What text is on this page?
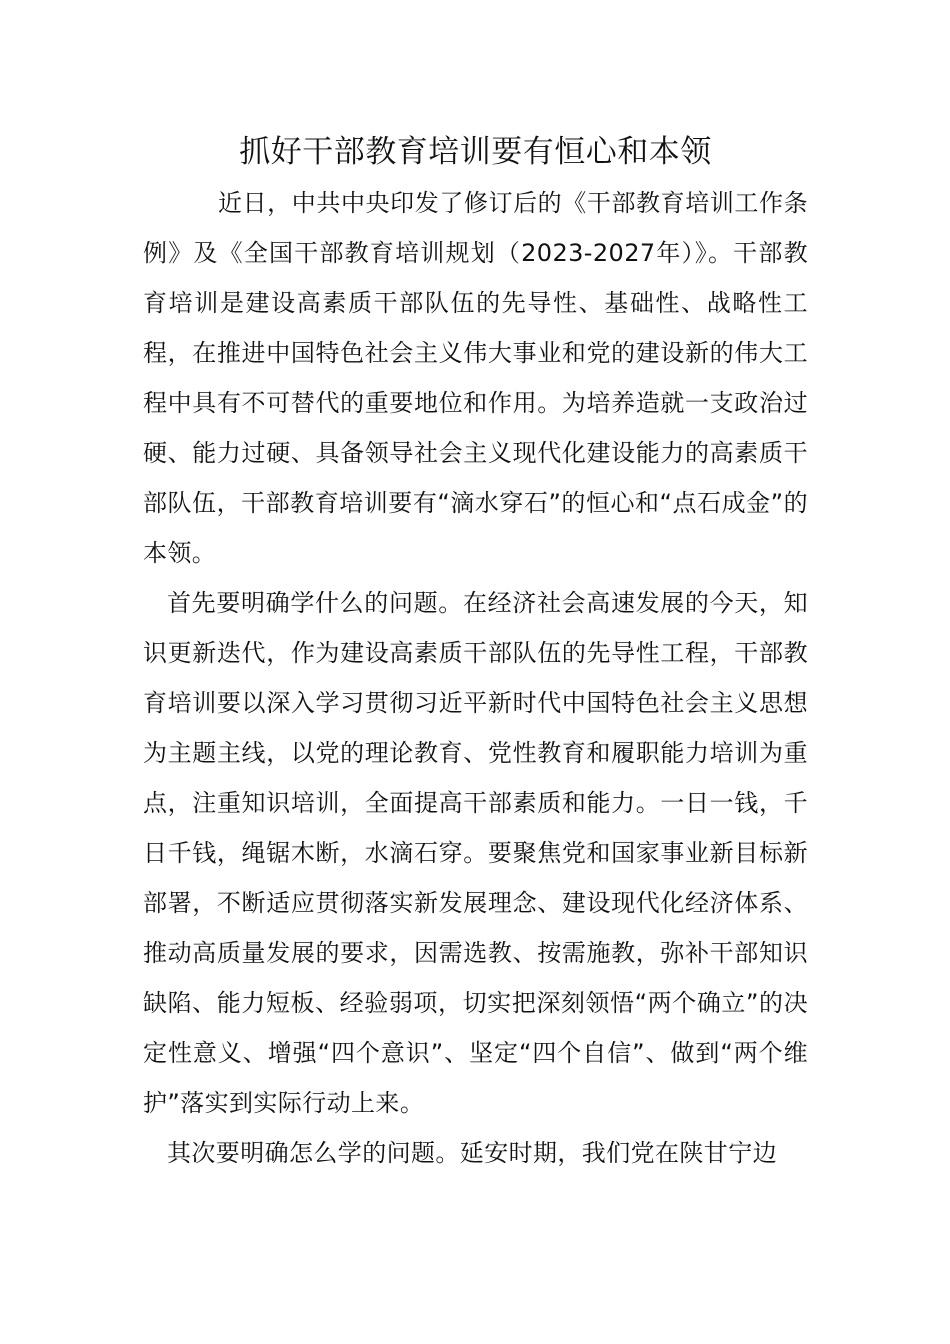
抓好干部教育培训要有恒心和本领

近日，中共中央印发了修订后的《干部教育培训工作条例》及《全国干部教育培训规划（2023-2027年）》。干部教育培训是建设高素质干部队伍的先导性、基础性、战略性工程，在推进中国特色社会主义伟大事业和党的建设新的伟大工程中具有不可替代的重要地位和作用。为培养造就一支政治过硬、能力过硬、具备领导社会主义现代化建设能力的高素质干部队伍，干部教育培训要有“滴水穿石”的恒心和“点石成金”的本领。

首先要明确学什么的问题。在经济社会高速发展的今天，知识更新迭代，作为建设高素质干部队伍的先导性工程，干部教育培训要以深入学习贯彻习近平新时代中国特色社会主义思想为主题主线，以党的理论教育、党性教育和履职能力培训为重点，注重知识培训，全面提高干部素质和能力。一日一钱，千日千钱，绳锯木断，水滴石穿。要聚焦党和国家事业新目标新部署，不断适应贯彻落实新发展理念、建设现代化经济体系、推动高质量发展的要求，因需选教、按需施教，弥补干部知识缺陷、能力短板、经验弱项，切实把深刻领悟“两个确立”的决定性意义、增强“四个意识”、坚定“四个自信”、做到“两个维护”落实到实际行动上来。

其次要明确怎么学的问题。延安时期，我们党在陕甘宁边
